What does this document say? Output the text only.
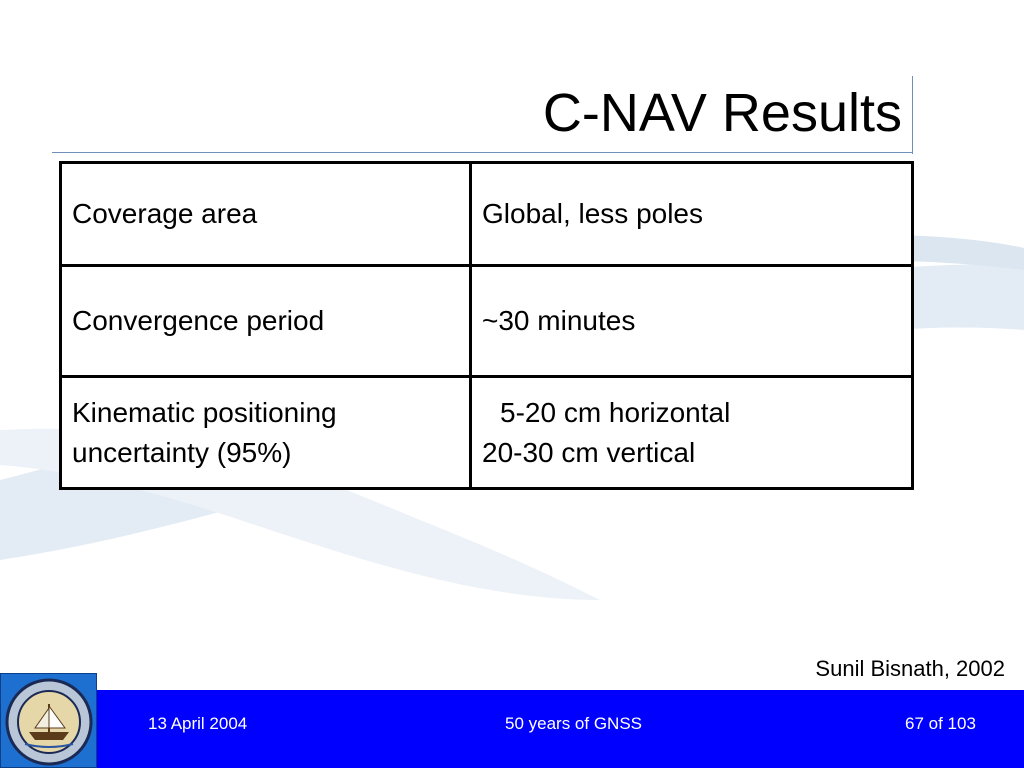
C-NAV Results
Coverage area	Global, less poles
Convergence period	~30 minutes
Kinematic positioning uncertainty (95%)	5-20 cm horizontal
20-30 cm vertical
Sunil Bisnath, 2002
13 April 2004	50 years of GNSS	67 of 103
